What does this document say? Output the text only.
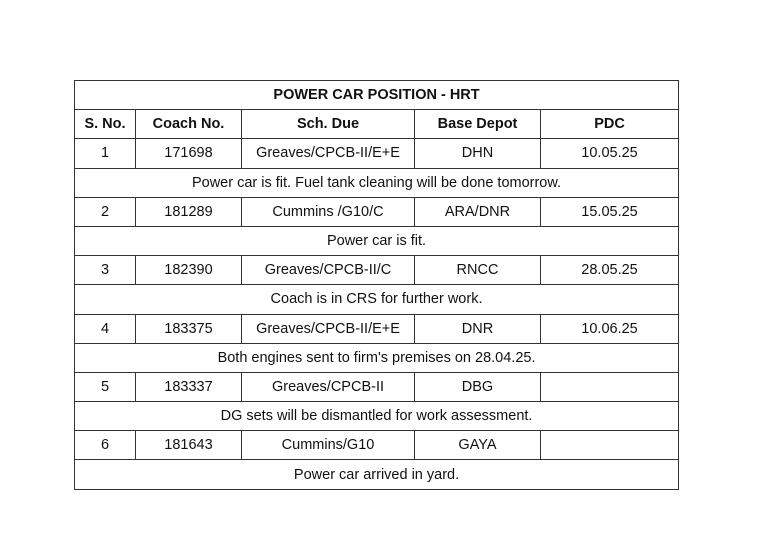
POWER CAR POSITION - HRT				
S. No.	Coach No.	Sch. Due	Base Depot	PDC
1	171698	Greaves/CPCB-II/E+E	DHN	10.05.25
Power car is fit. Fuel tank cleaning will be done tomorrow.				
2	181289	Cummins /G10/C	ARA/DNR	15.05.25
Power car is fit.				
3	182390	Greaves/CPCB-II/C	RNCC	28.05.25
Coach is in CRS for further work.				
4	183375	Greaves/CPCB-II/E+E	DNR	10.06.25
Both engines sent to firm's premises on 28.04.25.				
5	183337	Greaves/CPCB-II	DBG	
DG sets will be dismantled for work assessment.				
6	181643	Cummins/G10	GAYA	
Power car arrived in yard.				
